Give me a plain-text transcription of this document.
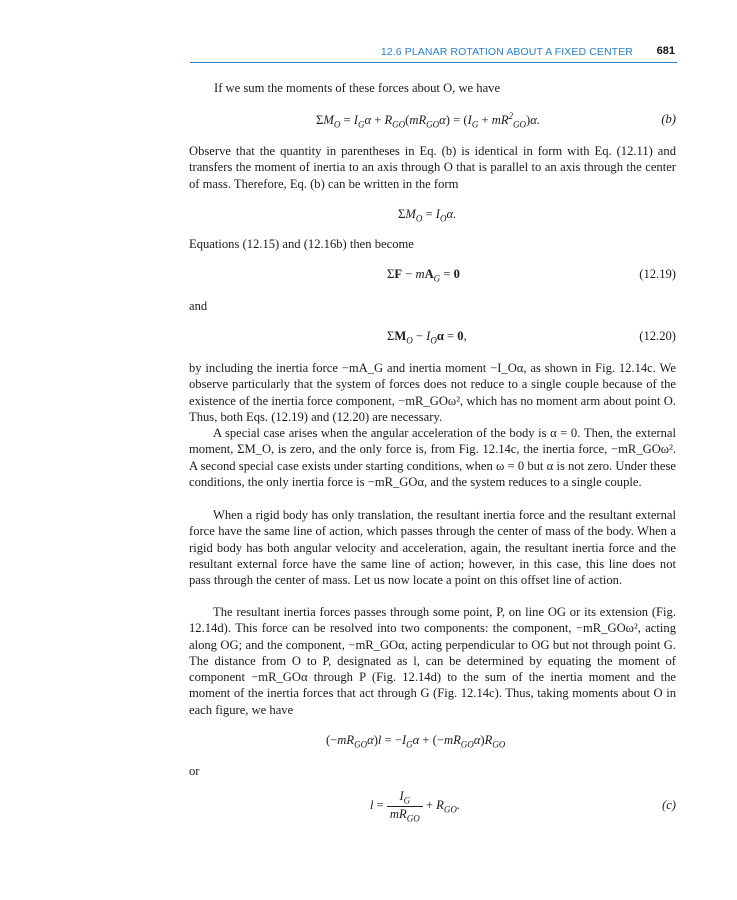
12.6 PLANAR ROTATION ABOUT A FIXED CENTER 681

If we sum the moments of these forces about O, we have

$\Sigma M_O = I_G\alpha + R_{GO}(mR_{GO}\alpha) = (I_G + mR^2_{GO})\alpha$.	(b)

Observe that the quantity in parentheses in Eq. (b) is identical in form with Eq. (12.11) and transfers the moment of inertia to an axis through O that is parallel to an axis through the center of mass. Therefore, Eq. (b) can be written in the form

$\Sigma M_O = I_O\alpha$.

Equations (12.15) and (12.16b) then become

$\Sigma F - mA_G = 0$	(12.19)

and

$\Sigma M_O - I_O\alpha = 0$,	(12.20)

by including the inertia force −mA_G and inertia moment −I_Oα, as shown in Fig. 12.14c. We observe particularly that the system of forces does not reduce to a single couple because of the existence of the inertia force component, −mR_GOω², which has no moment arm about point O. Thus, both Eqs. (12.19) and (12.20) are necessary.

A special case arises when the angular acceleration of the body is α = 0. Then, the external moment, ΣM_O, is zero, and the only force is, from Fig. 12.14c, the inertia force, −mR_GOω². A second special case exists under starting conditions, when ω = 0 but α is not zero. Under these conditions, the only inertia force is −mR_GOα, and the system reduces to a single couple.

When a rigid body has only translation, the resultant inertia force and the resultant external force have the same line of action, which passes through the center of mass of the body. When a rigid body has both angular velocity and acceleration, again, the resultant inertia force and the resultant external force have the same line of action; however, in this case, this line does not pass through the center of mass. Let us now locate a point on this offset line of action.

The resultant inertia forces passes through some point, P, on line OG or its extension (Fig. 12.14d). This force can be resolved into two components: the component, −mR_GOω², acting along OG; and the component, −mR_GOα, acting perpendicular to OG but not through point G. The distance from O to P, designated as l, can be determined by equating the moment of component −mR_GOα through P (Fig. 12.14d) to the sum of the inertia moment and the moment of the inertia forces that act through G (Fig. 12.14c). Thus, taking moments about O in each figure, we have

$(-mR_{GO}\alpha)l = -I_G\alpha + (-mR_{GO}\alpha)R_{GO}$

or

$l = \frac{I_G}{mR_{GO}} + R_{GO}$.	(c)
